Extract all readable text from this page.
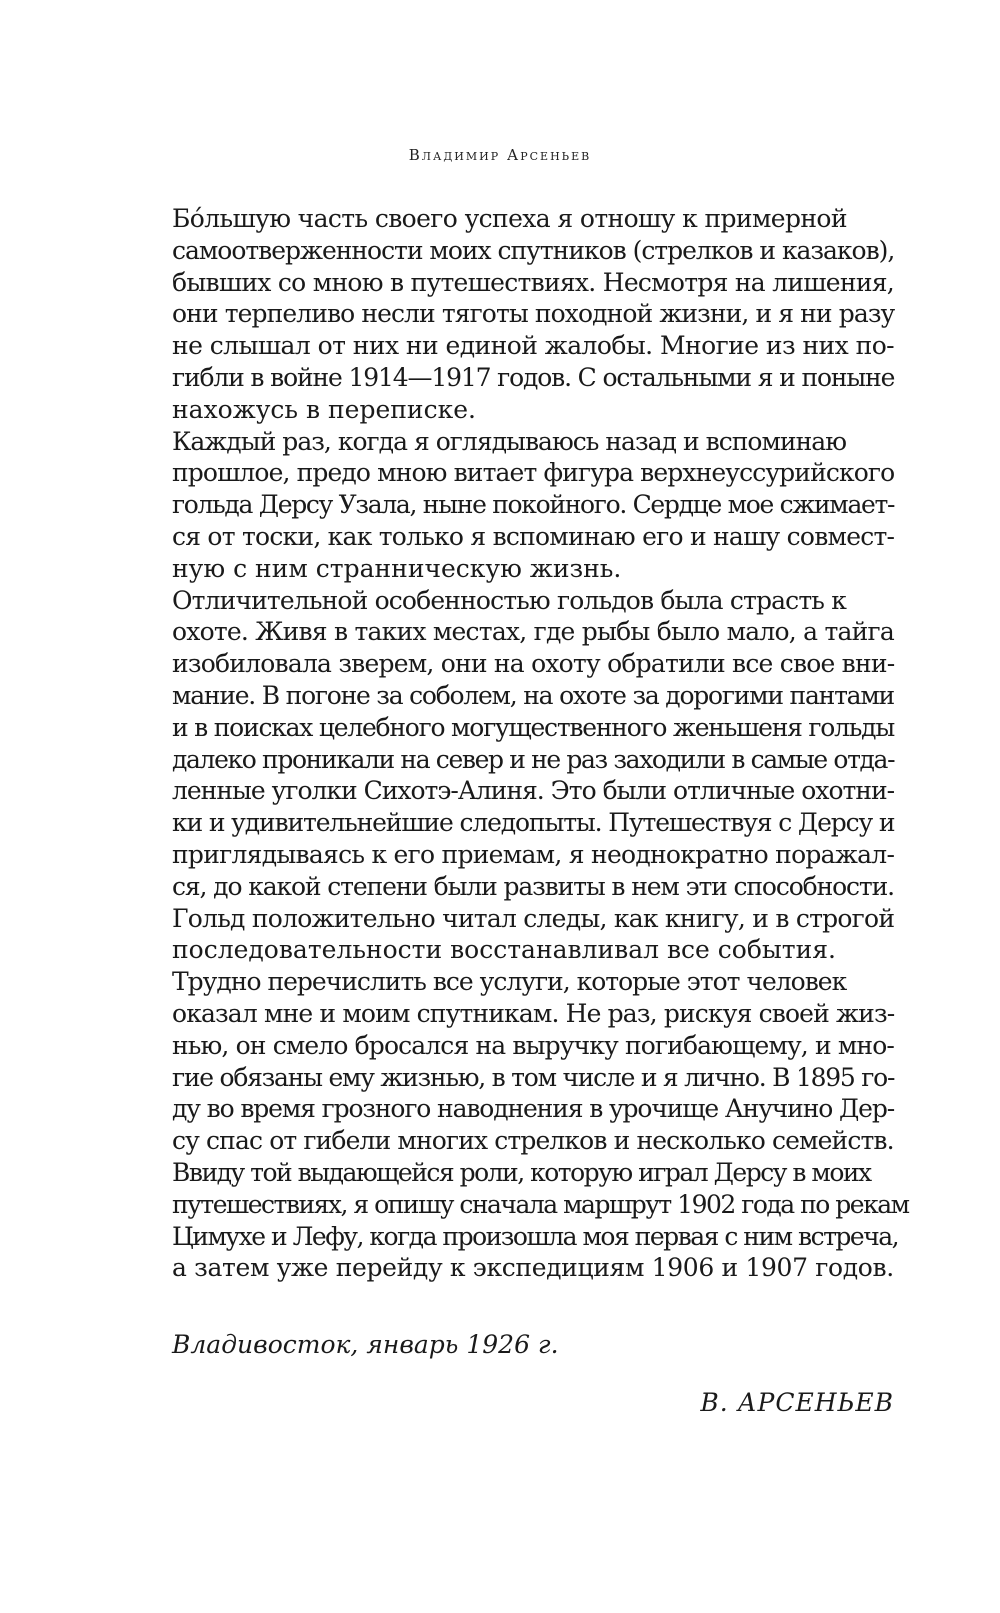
Владимир Арсеньев

Бо́льшую часть своего успеха я отношу к примерной
самоотверженности моих спутников (стрелков и казаков),
бывших со мною в путешествиях. Несмотря на лишения,
они терпеливо несли тяготы походной жизни, и я ни разу
не слышал от них ни единой жалобы. Многие из них по-
гибли в войне 1914—1917 годов. С остальными я и поныне
нахожусь в переписке.

Каждый раз, когда я оглядываюсь назад и вспоминаю
прошлое, предо мною витает фигура верхнеуссурийского
гольда Дерсу Узала, ныне покойного. Сердце мое сжимает-
ся от тоски, как только я вспоминаю его и нашу совмест-
ную с ним странническую жизнь.

Отличительной особенностью гольдов была страсть к
охоте. Живя в таких местах, где рыбы было мало, а тайга
изобиловала зверем, они на охоту обратили все свое вни-
мание. В погоне за соболем, на охоте за дорогими пантами
и в поисках целебного могущественного женьшеня гольды
далеко проникали на север и не раз заходили в самые отда-
ленные уголки Сихотэ-Алиня. Это были отличные охотни-
ки и удивительнейшие следопыты. Путешествуя с Дерсу и
приглядываясь к его приемам, я неоднократно поражал-
ся, до какой степени были развиты в нем эти способности.
Гольд положительно читал следы, как книгу, и в строгой
последовательности восстанавливал все события.

Трудно перечислить все услуги, которые этот человек
оказал мне и моим спутникам. Не раз, рискуя своей жиз-
нью, он смело бросался на выручку погибающему, и мно-
гие обязаны ему жизнью, в том числе и я лично. В 1895 го-
ду во время грозного наводнения в урочище Анучино Дер-
су спас от гибели многих стрелков и несколько семейств.

Ввиду той выдающейся роли, которую играл Дерсу в моих
путешествиях, я опишу сначала маршрут 1902 года по рекам
Цимухе и Лефу, когда произошла моя первая с ним встреча,
а затем уже перейду к экспедициям 1906 и 1907 годов.

Владивосток, январь 1926 г.
В. АРСЕНЬЕВ
